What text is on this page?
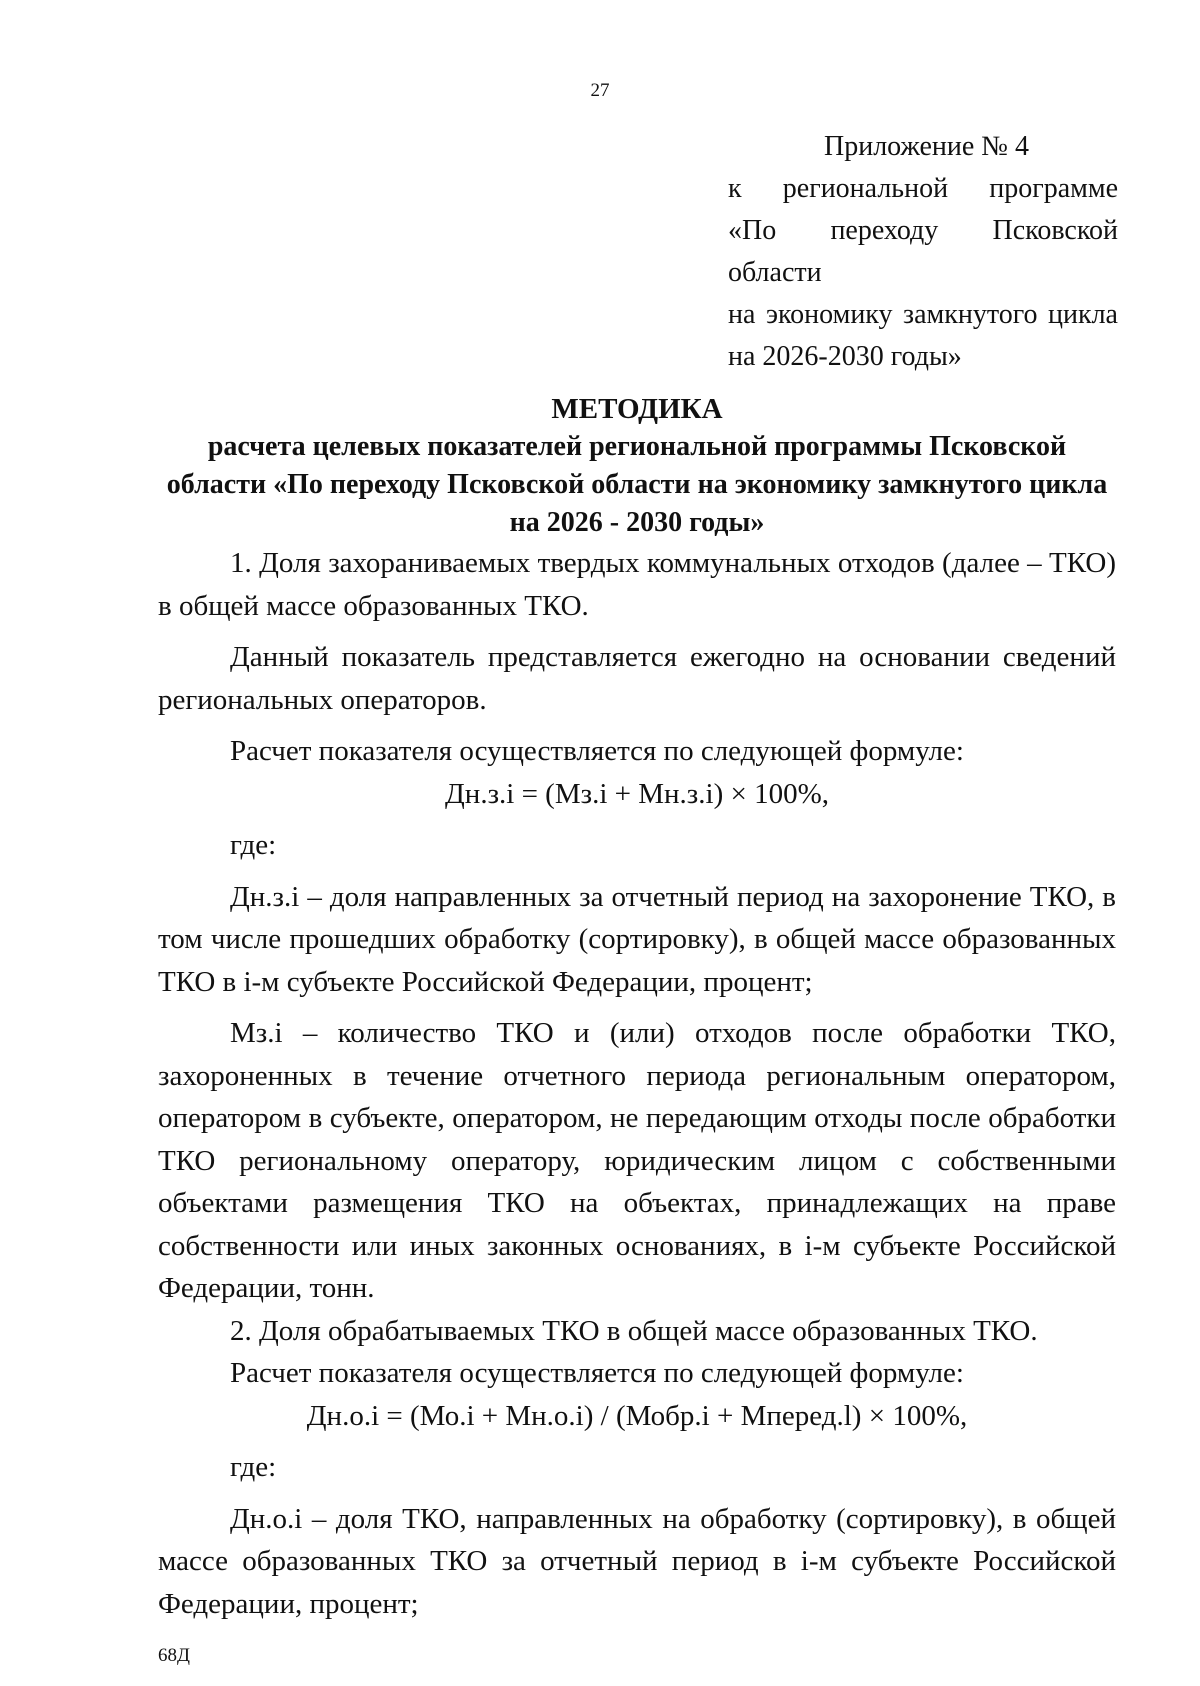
27
Приложение № 4
к региональной программе
«По переходу Псковской области
на экономику замкнутого цикла
на 2026-2030 годы»
МЕТОДИКА
расчета целевых показателей региональной программы Псковской
области «По переходу Псковской области на экономику замкнутого цикла
на 2026 - 2030 годы»

1. Доля захораниваемых твердых коммунальных отходов (далее – ТКО) в общей массе образованных ТКО.

Данный показатель представляется ежегодно на основании сведений региональных операторов.

Расчет показателя осуществляется по следующей формуле:

Дн.з.i = (Мз.i + Мн.з.i) × 100%,

где:

Дн.з.i – доля направленных за отчетный период на захоронение ТКО, в том числе прошедших обработку (сортировку), в общей массе образованных ТКО в i-м субъекте Российской Федерации, процент;

Мз.i – количество ТКО и (или) отходов после обработки ТКО, захороненных в течение отчетного периода региональным оператором, оператором в субъекте, оператором, не передающим отходы после обработки ТКО региональному оператору, юридическим лицом с собственными объектами размещения ТКО на объектах, принадлежащих на праве собственности или иных законных основаниях, в i-м субъекте Российской Федерации, тонн.

2. Доля обрабатываемых ТКО в общей массе образованных ТКО.

Расчет показателя осуществляется по следующей формуле:

Дн.о.i = (Мо.i + Мн.о.i) / (Мобр.i + Мперед.l) × 100%,

где:

Дн.о.i – доля ТКО, направленных на обработку (сортировку), в общей массе образованных ТКО за отчетный период в i-м субъекте Российской Федерации, процент;

68Д
